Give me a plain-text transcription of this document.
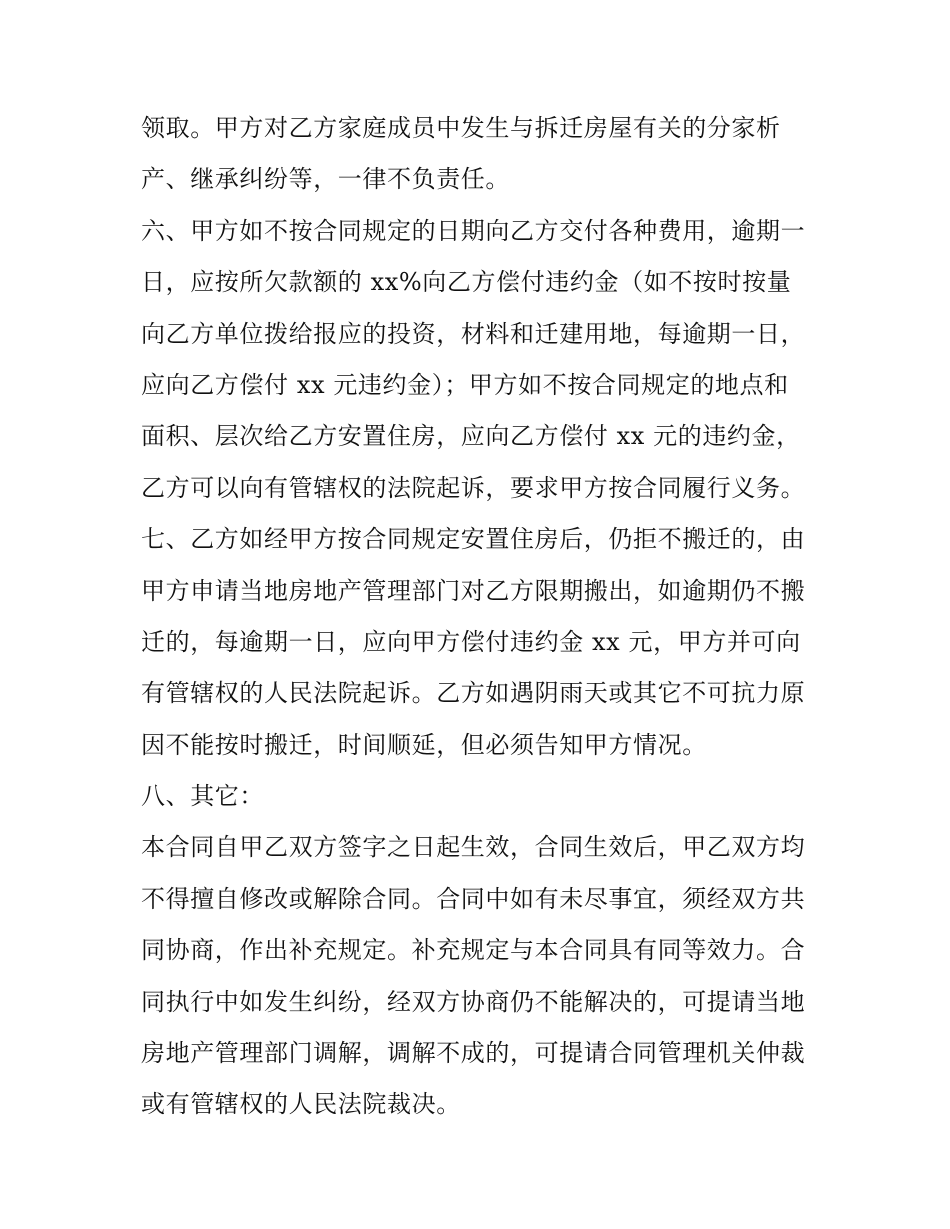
领取。甲方对乙方家庭成员中发生与拆迁房屋有关的分家析
产、继承纠纷等，一律不负责任。
六、甲方如不按合同规定的日期向乙方交付各种费用，逾期一
日，应按所欠款额的 xx%向乙方偿付违约金（如不按时按量
向乙方单位拨给报应的投资，材料和迁建用地，每逾期一日，
应向乙方偿付 xx 元违约金）；甲方如不按合同规定的地点和
面积、层次给乙方安置住房，应向乙方偿付 xx 元的违约金，
乙方可以向有管辖权的法院起诉，要求甲方按合同履行义务。
七、乙方如经甲方按合同规定安置住房后，仍拒不搬迁的，由
甲方申请当地房地产管理部门对乙方限期搬出，如逾期仍不搬
迁的，每逾期一日，应向甲方偿付违约金 xx 元，甲方并可向
有管辖权的人民法院起诉。乙方如遇阴雨天或其它不可抗力原
因不能按时搬迁，时间顺延，但必须告知甲方情况。
八、其它：
本合同自甲乙双方签字之日起生效，合同生效后，甲乙双方均
不得擅自修改或解除合同。合同中如有未尽事宜，须经双方共
同协商，作出补充规定。补充规定与本合同具有同等效力。合
同执行中如发生纠纷，经双方协商仍不能解决的，可提请当地
房地产管理部门调解，调解不成的，可提请合同管理机关仲裁
或有管辖权的人民法院裁决。
